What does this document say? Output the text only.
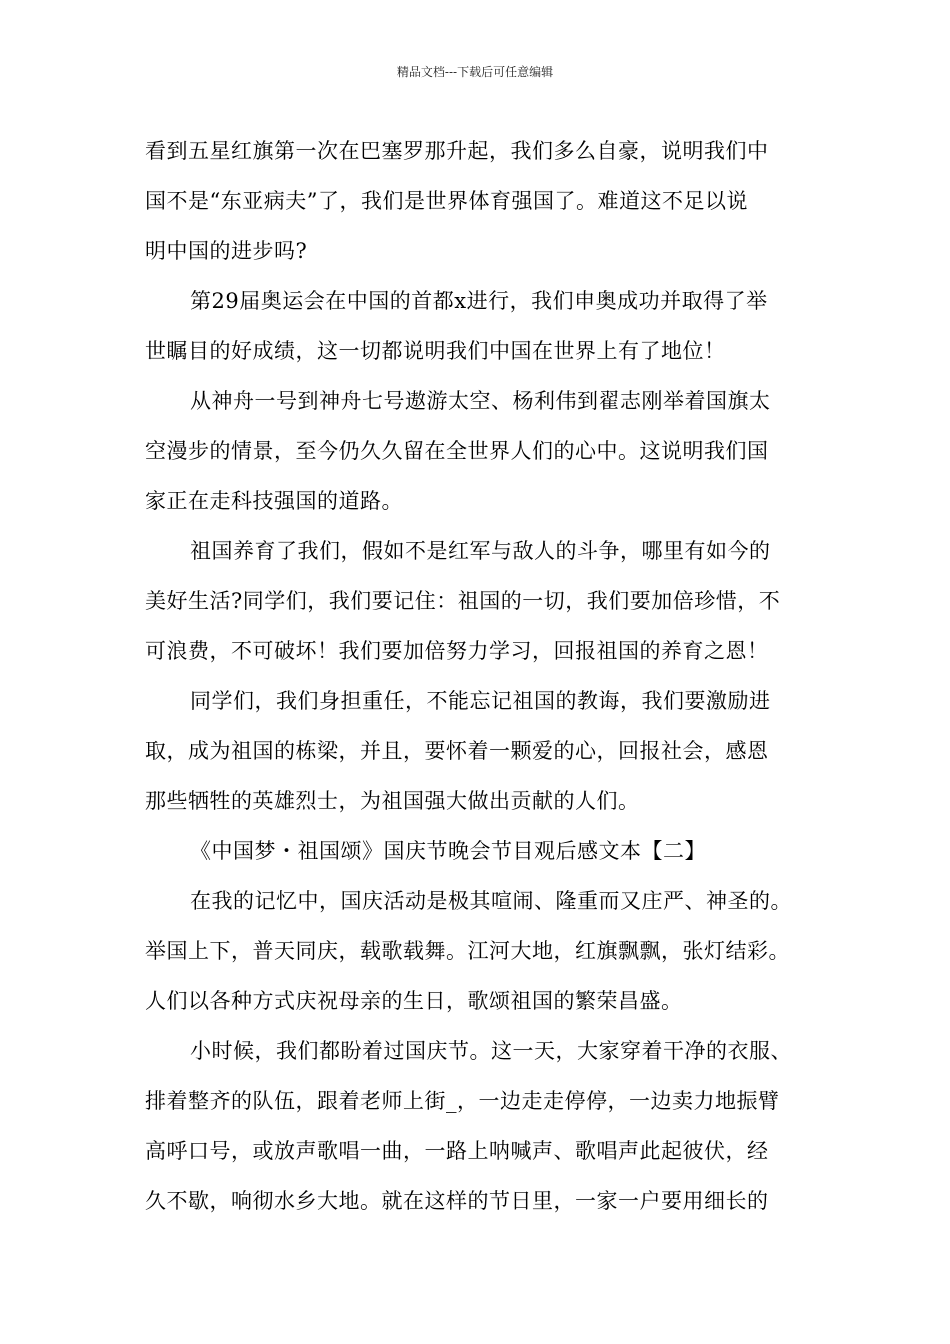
精品文档---下载后可任意编辑

看到五星红旗第一次在巴塞罗那升起，我们多么自豪，说明我们中
国不是“东亚病夫”了，我们是世界体育强国了。难道这不足以说
明中国的进步吗?

第29届奥运会在中国的首都x进行，我们申奥成功并取得了举
世瞩目的好成绩，这一切都说明我们中国在世界上有了地位！

从神舟一号到神舟七号遨游太空、杨利伟到翟志刚举着国旗太
空漫步的情景，至今仍久久留在全世界人们的心中。这说明我们国
家正在走科技强国的道路。

祖国养育了我们，假如不是红军与敌人的斗争，哪里有如今的
美好生活?同学们，我们要记住：祖国的一切，我们要加倍珍惜，不
可浪费，不可破坏！我们要加倍努力学习，回报祖国的养育之恩！

同学们，我们身担重任，不能忘记祖国的教诲，我们要激励进
取，成为祖国的栋梁，并且，要怀着一颗爱的心，回报社会，感恩
那些牺牲的英雄烈士，为祖国强大做出贡献的人们。

《中国梦・祖国颂》国庆节晚会节目观后感文本【二】

在我的记忆中，国庆活动是极其喧闹、隆重而又庄严、神圣的。
举国上下，普天同庆，载歌载舞。江河大地，红旗飘飘，张灯结彩。
人们以各种方式庆祝母亲的生日，歌颂祖国的繁荣昌盛。

小时候，我们都盼着过国庆节。这一天，大家穿着干净的衣服、
排着整齐的队伍，跟着老师上街_，一边走走停停，一边卖力地振臂
高呼口号，或放声歌唱一曲，一路上呐喊声、歌唱声此起彼伏，经
久不歇，响彻水乡大地。就在这样的节日里，一家一户要用细长的
